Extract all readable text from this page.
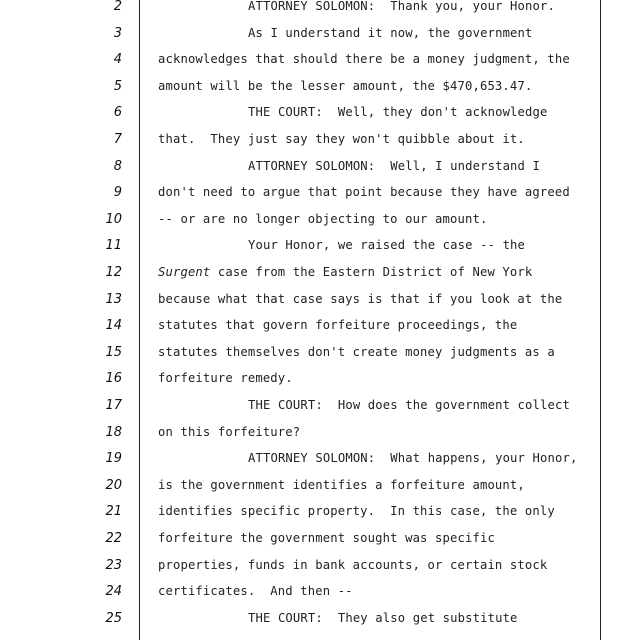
2	ATTORNEY SOLOMON:  Thank you, your Honor.
3	As I understand it now, the government
4	acknowledges that should there be a money judgment, the
5	amount will be the lesser amount, the $470,653.47.
6	THE COURT:  Well, they don't acknowledge
7	that.  They just say they won't quibble about it.
8	ATTORNEY SOLOMON:  Well, I understand I
9	don't need to argue that point because they have agreed
10	-- or are no longer objecting to our amount.
11	Your Honor, we raised the case -- the
12	Surgent case from the Eastern District of New York
13	because what that case says is that if you look at the
14	statutes that govern forfeiture proceedings, the
15	statutes themselves don't create money judgments as a
16	forfeiture remedy.
17	THE COURT:  How does the government collect
18	on this forfeiture?
19	ATTORNEY SOLOMON:  What happens, your Honor,
20	is the government identifies a forfeiture amount,
21	identifies specific property.  In this case, the only
22	forfeiture the government sought was specific
23	properties, funds in bank accounts, or certain stock
24	certificates.  And then --
25	THE COURT:  They also get substitute
